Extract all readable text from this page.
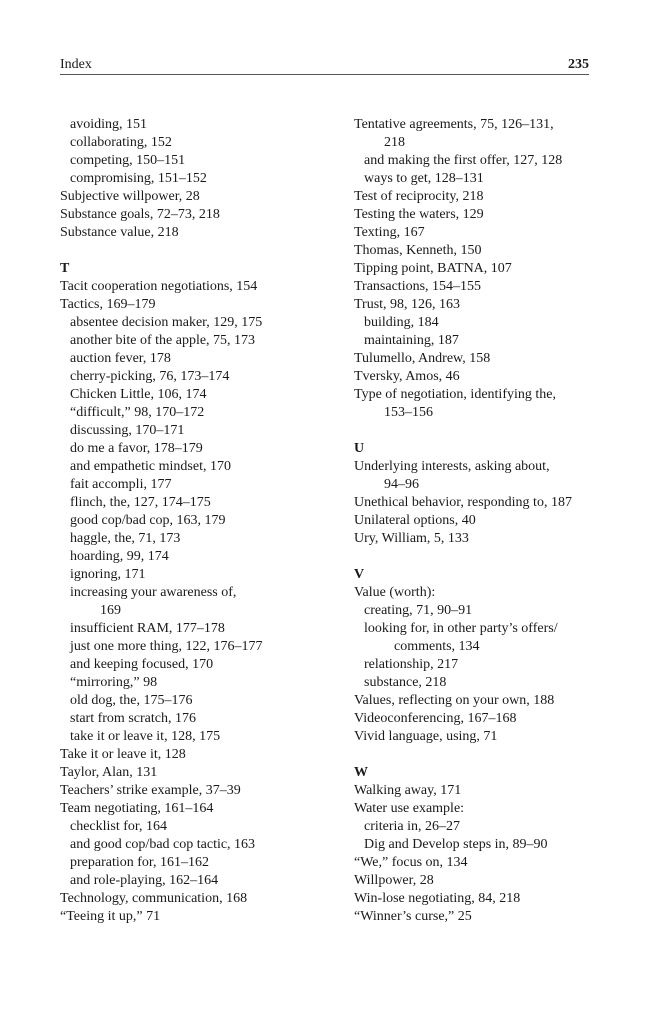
Index	235
avoiding, 151
collaborating, 152
competing, 150–151
compromising, 151–152
Subjective willpower, 28
Substance goals, 72–73, 218
Substance value, 218
T
Tacit cooperation negotiations, 154
Tactics, 169–179
absentee decision maker, 129, 175
another bite of the apple, 75, 173
auction fever, 178
cherry-picking, 76, 173–174
Chicken Little, 106, 174
“difficult,” 98, 170–172
discussing, 170–171
do me a favor, 178–179
and empathetic mindset, 170
fait accompli, 177
flinch, the, 127, 174–175
good cop/bad cop, 163, 179
haggle, the, 71, 173
hoarding, 99, 174
ignoring, 171
increasing your awareness of,
169
insufficient RAM, 177–178
just one more thing, 122, 176–177
and keeping focused, 170
“mirroring,” 98
old dog, the, 175–176
start from scratch, 176
take it or leave it, 128, 175
Take it or leave it, 128
Taylor, Alan, 131
Teachers’ strike example, 37–39
Team negotiating, 161–164
checklist for, 164
and good cop/bad cop tactic, 163
preparation for, 161–162
and role-playing, 162–164
Technology, communication, 168
“Teeing it up,” 71
Tentative agreements, 75, 126–131,
218
and making the first offer, 127, 128
ways to get, 128–131
Test of reciprocity, 218
Testing the waters, 129
Texting, 167
Thomas, Kenneth, 150
Tipping point, BATNA, 107
Transactions, 154–155
Trust, 98, 126, 163
building, 184
maintaining, 187
Tulumello, Andrew, 158
Tversky, Amos, 46
Type of negotiation, identifying the,
153–156
U
Underlying interests, asking about,
94–96
Unethical behavior, responding to, 187
Unilateral options, 40
Ury, William, 5, 133
V
Value (worth):
creating, 71, 90–91
looking for, in other party’s offers/
comments, 134
relationship, 217
substance, 218
Values, reflecting on your own, 188
Videoconferencing, 167–168
Vivid language, using, 71
W
Walking away, 171
Water use example:
criteria in, 26–27
Dig and Develop steps in, 89–90
“We,” focus on, 134
Willpower, 28
Win-lose negotiating, 84, 218
“Winner’s curse,” 25
